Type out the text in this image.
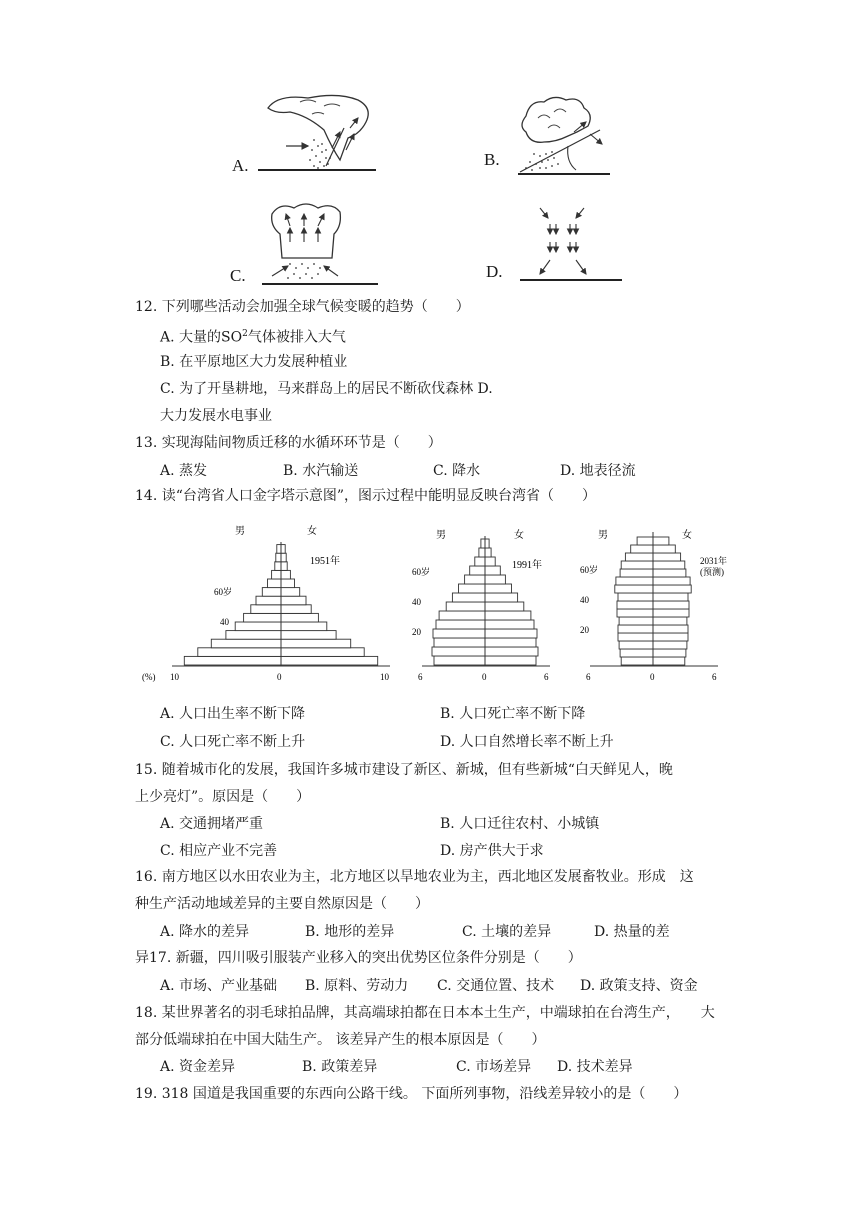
A.	B.
C.	D.
12. 下列哪些活动会加强全球气候变暖的趋势（　　）
A. 大量的$SO^2$气体被排入大气
B. 在平原地区大力发展种植业
C. 为了开垦耕地，马来群岛上的居民不断砍伐森林 D.
大力发展水电事业
13. 实现海陆间物质迁移的水循环环节是（　　）
A. 蒸发	B. 水汽输送	C. 降水	D. 地表径流
14. 读“台湾省人口金字塔示意图”，图示过程中能明显反映台湾省（　　）
男	女
1951年
60岁
40
(%) 10	0	10
男	女
1991年
60岁
40
20
6	0	6
男	女
2031年
(预测)
60岁
40
20
6	0	6
A. 人口出生率不断下降	B. 人口死亡率不断下降
C. 人口死亡率不断上升	D. 人口自然增长率不断上升
15. 随着城市化的发展，我国许多城市建设了新区、新城，但有些新城“白天鲜见人，晚
上少亮灯”。原因是（　　）
A. 交通拥堵严重	B. 人口迁往农村、小城镇
C. 相应产业不完善	D. 房产供大于求
16. 南方地区以水田农业为主，北方地区以旱地农业为主，西北地区发展畜牧业。形成　这
种生产活动地域差异的主要自然原因是（　　）
A. 降水的差异	B. 地形的差异	C. 土壤的差异	D. 热量的差
异17. 新疆，四川吸引服装产业移入的突出优势区位条件分别是（　　）
A. 市场、产业基础 B. 原料、劳动力 C. 交通位置、技术 D. 政策支持、资金
18. 某世界著名的羽毛球拍品牌，其高端球拍都在日本本土生产，中端球拍在台湾生产，　　大
部分低端球拍在中国大陆生产。 该差异产生的根本原因是（　　）
A. 资金差异	B. 政策差异	C. 市场差异 D. 技术差异
19. 318 国道是我国重要的东西向公路干线。 下面所列事物，沿线差异较小的是（　　）
